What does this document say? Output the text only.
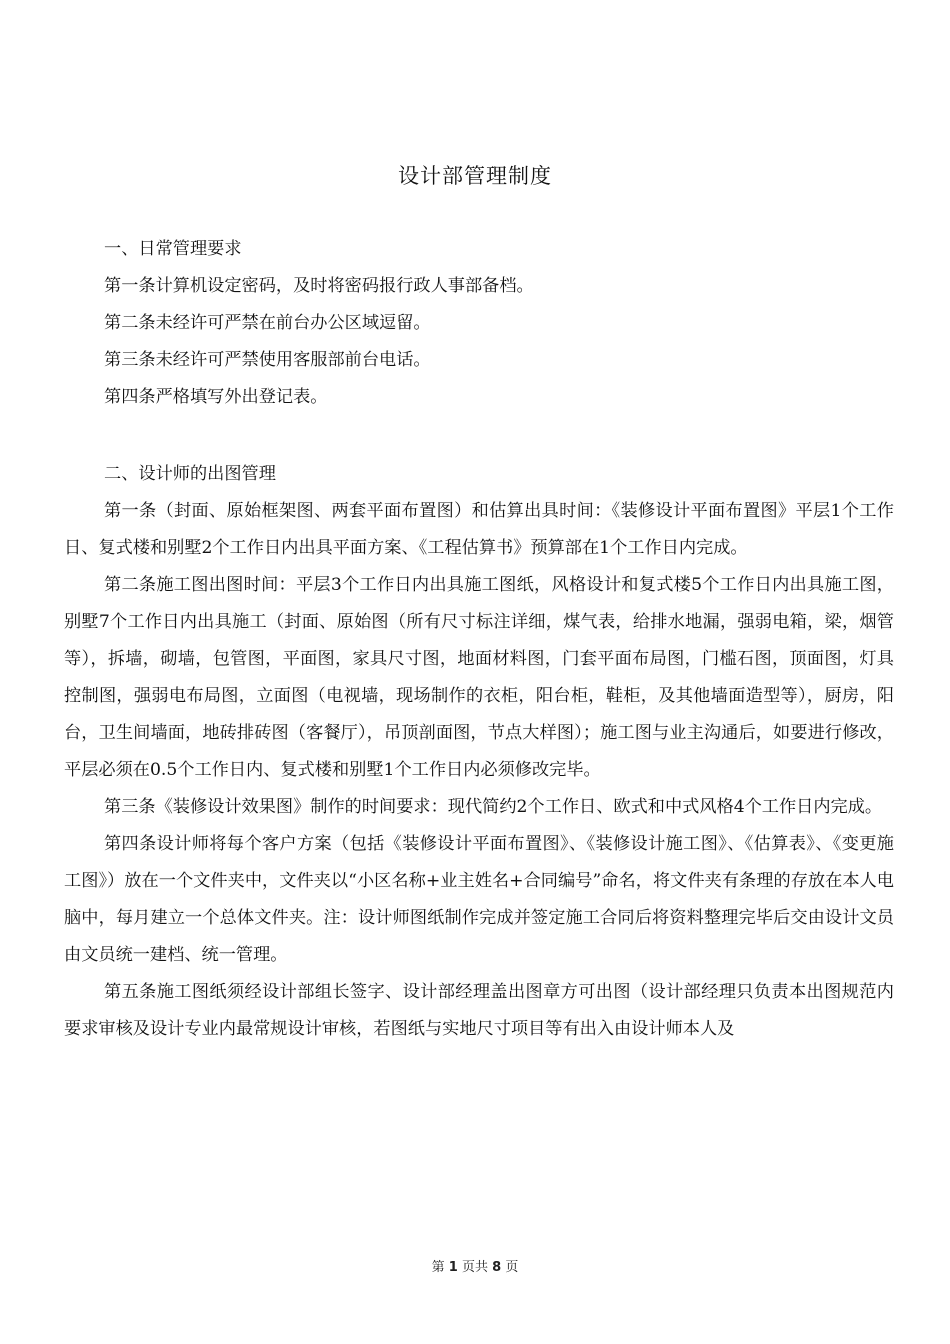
设计部管理制度

一、日常管理要求

第一条计算机设定密码，及时将密码报行政人事部备档。

第二条未经许可严禁在前台办公区域逗留。

第三条未经许可严禁使用客服部前台电话。

第四条严格填写外出登记表。

二、设计师的出图管理

第一条（封面、原始框架图、两套平面布置图）和估算出具时间：《装修设计平面布置图》平层1个工作日、复式楼和别墅2个工作日内出具平面方案、《工程估算书》预算部在1个工作日内完成。

第二条施工图出图时间：平层3个工作日内出具施工图纸，风格设计和复式楼5个工作日内出具施工图，别墅7个工作日内出具施工（封面、原始图（所有尺寸标注详细，煤气表，给排水地漏，强弱电箱，梁，烟管等），拆墙，砌墙，包管图，平面图，家具尺寸图，地面材料图，门套平面布局图，门槛石图，顶面图，灯具控制图，强弱电布局图，立面图（电视墙，现场制作的衣柜，阳台柜，鞋柜，及其他墙面造型等），厨房，阳台，卫生间墙面，地砖排砖图（客餐厅），吊顶剖面图，节点大样图）；施工图与业主沟通后，如要进行修改，平层必须在0.5个工作日内、复式楼和别墅1个工作日内必须修改完毕。

第三条《装修设计效果图》制作的时间要求：现代简约2个工作日、欧式和中式风格4个工作日内完成。

第四条设计师将每个客户方案（包括《装修设计平面布置图》、《装修设计施工图》、《估算表》、《变更施工图》）放在一个文件夹中，文件夹以“小区名称+业主姓名+合同编号”命名，将文件夹有条理的存放在本人电脑中，每月建立一个总体文件夹。注：设计师图纸制作完成并签定施工合同后将资料整理完毕后交由设计文员由文员统一建档、统一管理。

第五条施工图纸须经设计部组长签字、设计部经理盖出图章方可出图（设计部经理只负责本出图规范内要求审核及设计专业内最常规设计审核，若图纸与实地尺寸项目等有出入由设计师本人及

第 1 页共 8 页
